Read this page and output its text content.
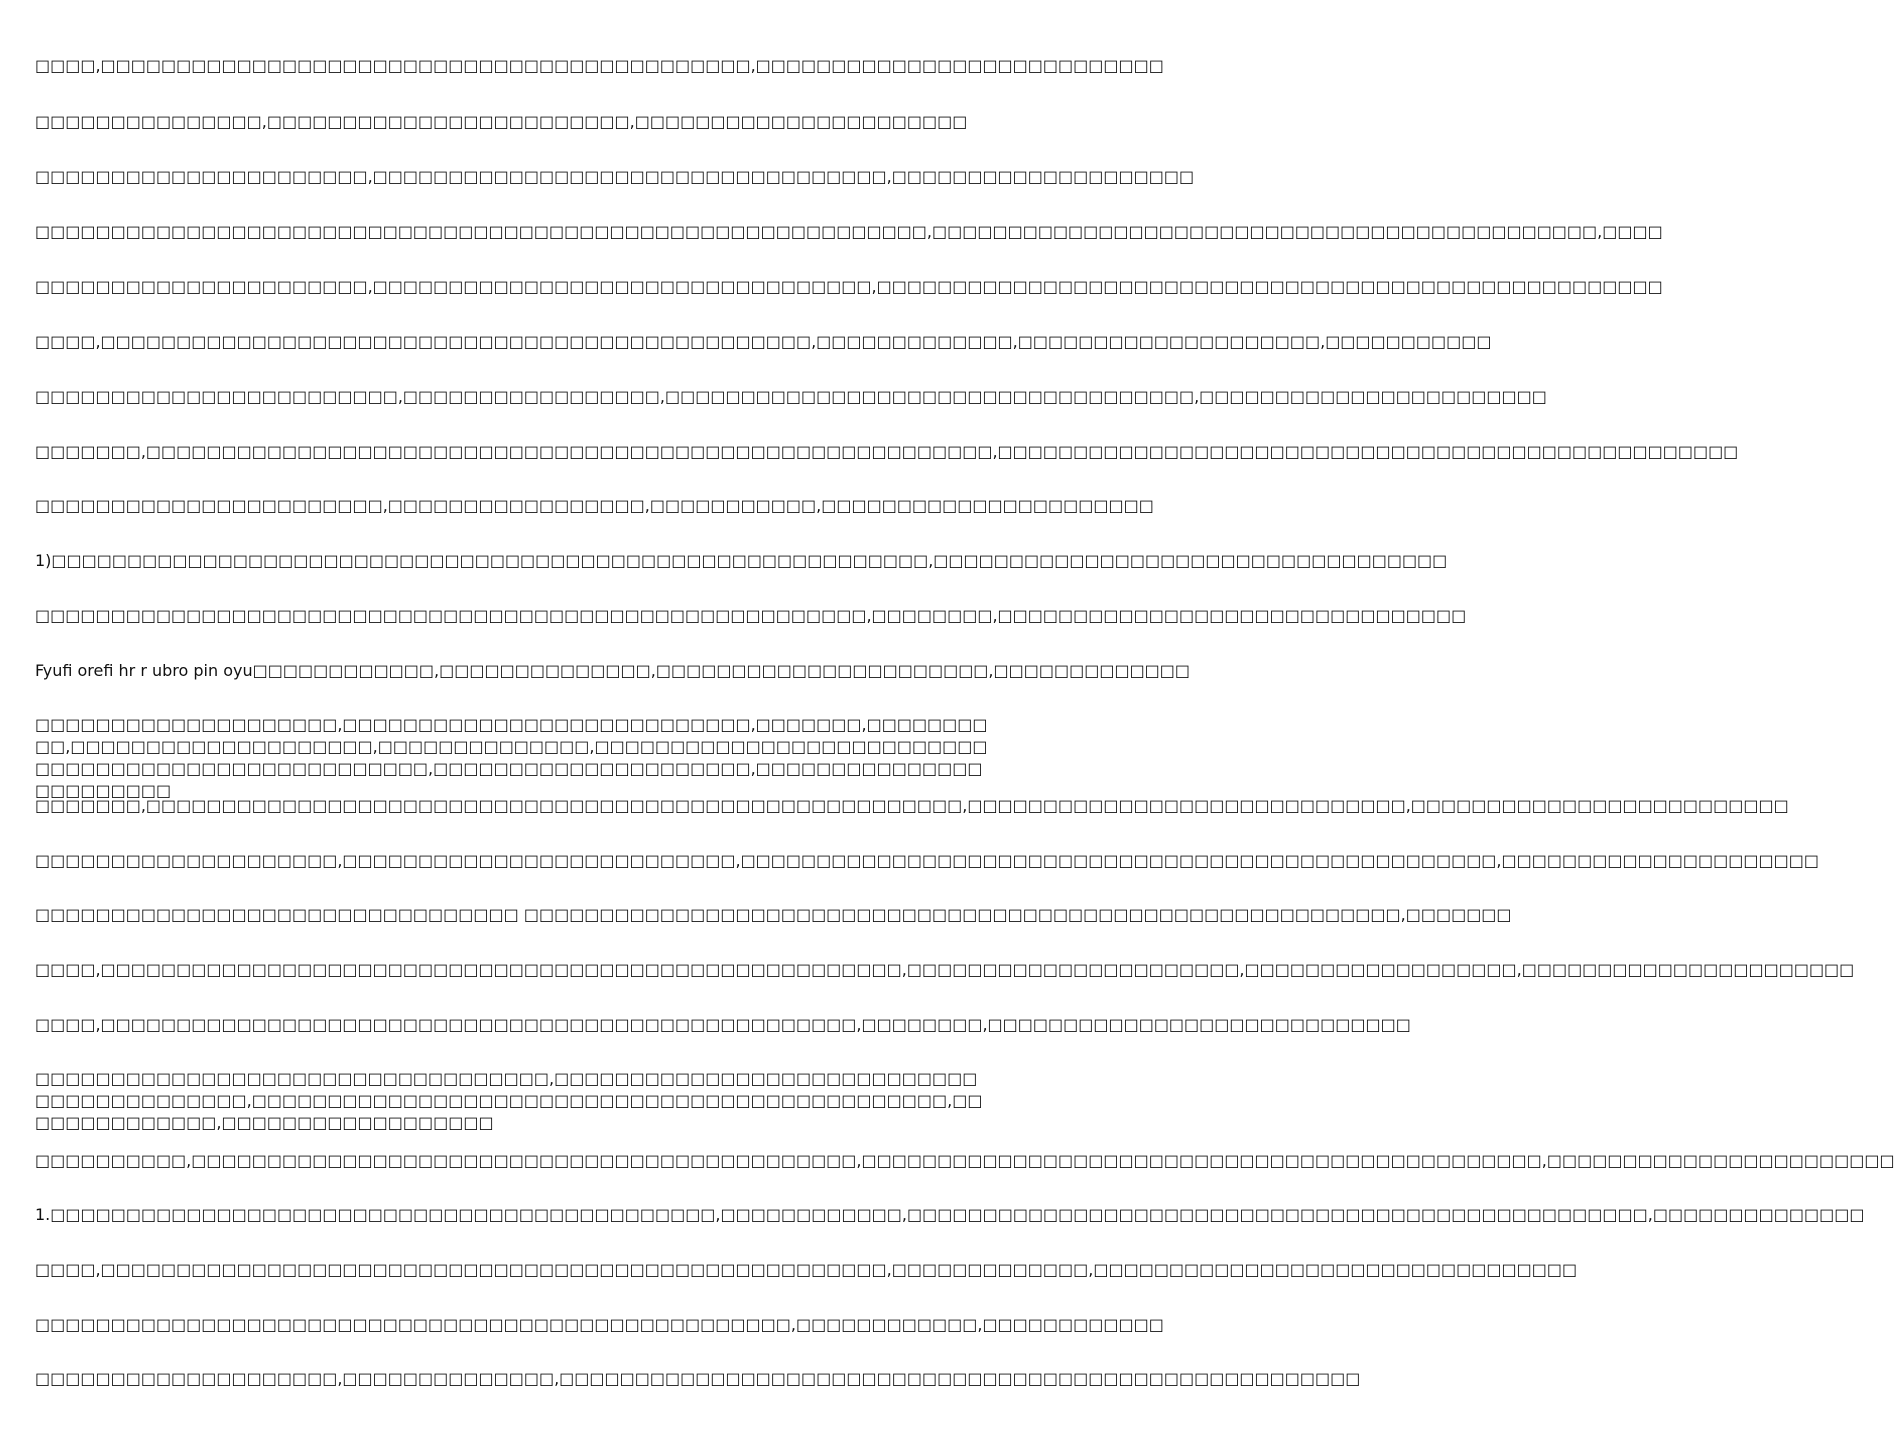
□□□□,□□□□□□□□□□□□□□□□□□□□□□□□□□□□□□□□□□□□□□□□□□□,□□□□□□□□□□□□□□□□□□□□□□□□□□□
□□□□□□□□□□□□□□□,□□□□□□□□□□□□□□□□□□□□□□□□,□□□□□□□□□□□□□□□□□□□□□□
□□□□□□□□□□□□□□□□□□□□□□,□□□□□□□□□□□□□□□□□□□□□□□□□□□□□□□□□□,□□□□□□□□□□□□□□□□□□□□
□□□□□□□□□□□□□□□□□□□□□□□□□□□□□□□□□□□□□□□□□□□□□□□□□□□□□□□□□□□,□□□□□□□□□□□□□□□□□□□□□□□□□□□□□□□□□□□□□□□□□□□□,□□□□
□□□□□□□□□□□□□□□□□□□□□□,□□□□□□□□□□□□□□□□□□□□□□□□□□□□□□□□□,□□□□□□□□□□□□□□□□□□□□□□□□□□□□□□□□□□□□□□□□□□□□□□□□□□□□
□□□□,□□□□□□□□□□□□□□□□□□□□□□□□□□□□□□□□□□□□□□□□□□□□□□□,□□□□□□□□□□□□□,□□□□□□□□□□□□□□□□□□□□,□□□□□□□□□□□
□□□□□□□□□□□□□□□□□□□□□□□□,□□□□□□□□□□□□□□□□□,□□□□□□□□□□□□□□□□□□□□□□□□□□□□□□□□□□□,□□□□□□□□□□□□□□□□□□□□□□□
□□□□□□□,□□□□□□□□□□□□□□□□□□□□□□□□□□□□□□□□□□□□□□□□□□□□□□□□□□□□□□□□,□□□□□□□□□□□□□□□□□□□□□□□□□□□□□□□□□□□□□□□□□□□□□□□□□
□□□□□□□□□□□□□□□□□□□□□□□,□□□□□□□□□□□□□□□□□,□□□□□□□□□□□,□□□□□□□□□□□□□□□□□□□□□□
1)□□□□□□□□□□□□□□□□□□□□□□□□□□□□□□□□□□□□□□□□□□□□□□□□□□□□□□□□□□,□□□□□□□□□□□□□□□□□□□□□□□□□□□□□□□□□□
□□□□□□□□□□□□□□□□□□□□□□□□□□□□□□□□□□□□□□□□□□□□□□□□□□□□□□□,□□□□□□□□,□□□□□□□□□□□□□□□□□□□□□□□□□□□□□□□
Fyufi orefi hr r ubro pin oyu□□□□□□□□□□□□,□□□□□□□□□□□□□□,□□□□□□□□□□□□□□□□□□□□□□,□□□□□□□□□□□□□
□□□□□□□□□□□□□□□□□□□□,□□□□□□□□□□□□□□□□□□□□□□□□□□□,□□□□□□□,□□□□□□□□□□,□□□□□□□□□□□□□□□□□□□□,□□□□□□□□□□□□□□,□□□□□□□□□□□□□□□□□□□□□□□□□□□□□□□□□□□□□□□□□□□□□□□□□□□□,□□□□□□□□□□□□□□□□□□□□□,□□□□□□□□□□□□□□□□□□□□□□□□
□□□□□□□,□□□□□□□□□□□□□□□□□□□□□□□□□□□□□□□□□□□□□□□□□□□□□□□□□□□□□□,□□□□□□□□□□□□□□□□□□□□□□□□□□□□□,□□□□□□□□□□□□□□□□□□□□□□□□□
□□□□□□□□□□□□□□□□□□□□,□□□□□□□□□□□□□□□□□□□□□□□□□□,□□□□□□□□□□□□□□□□□□□□□□□□□□□□□□□□□□□□□□□□□□□□□□□□□□,□□□□□□□□□□□□□□□□□□□□□
□□□□□□□□□□□□□□□□□□□□□□□□□□□□□□□□ □□□□□□□□□□□□□□□□□□□□□□□□□□□□□□□□□□□□□□□□□□□□□□□□□□□□□□□□□□,□□□□□□□
□□□□,□□□□□□□□□□□□□□□□□□□□□□□□□□□□□□□□□□□□□□□□□□□□□□□□□□□□□,□□□□□□□□□□□□□□□□□□□□□□,□□□□□□□□□□□□□□□□□□,□□□□□□□□□□□□□□□□□□□□□□
□□□□,□□□□□□□□□□□□□□□□□□□□□□□□□□□□□□□□□□□□□□□□□□□□□□□□□□,□□□□□□□□,□□□□□□□□□□□□□□□□□□□□□□□□□□□□
□□□□□□□□□□□□□□□□□□□□□□□□□□□□□□□□□□,□□□□□□□□□□□□□□□□□□□□□□□□□□□□□□□□□□□□□□□□□□,□□□□□□□□□□□□□□□□□□□□□□□□□□□□□□□□□□□□□□□□□□□□□□,□□□□□□□□□□□□□□,□□□□□□□□□□□□□□□□□□
□□□□□□□□□□,□□□□□□□□□□□□□□□□□□□□□□□□□□□□□□□□□□□□□□□□□□□□,□□□□□□□□□□□□□□□□□□□□□□□□□□□□□□□□□□□□□□□□□□□□□,□□□□□□□□□□□□□□□□□□□□□□□
1.□□□□□□□□□□□□□□□□□□□□□□□□□□□□□□□□□□□□□□□□□□□□,□□□□□□□□□□□□,□□□□□□□□□□□□□□□□□□□□□□□□□□□□□□□□□□□□□□□□□□□□□□□□□,□□□□□□□□□□□□□□
□□□□,□□□□□□□□□□□□□□□□□□□□□□□□□□□□□□□□□□□□□□□□□□□□□□□□□□□□,□□□□□□□□□□□□□,□□□□□□□□□□□□□□□□□□□□□□□□□□□□□□□□
□□□□□□□□□□□□□□□□□□□□□□□□□□□□□□□□□□□□□□□□□□□□□□□□□□,□□□□□□□□□□□□,□□□□□□□□□□□□
□□□□□□□□□□□□□□□□□□□□,□□□□□□□□□□□□□□,□□□□□□□□□□□□□□□□□□□□□□□□□□□□□□□□□□□□□□□□□□□□□□□□□□□□□
